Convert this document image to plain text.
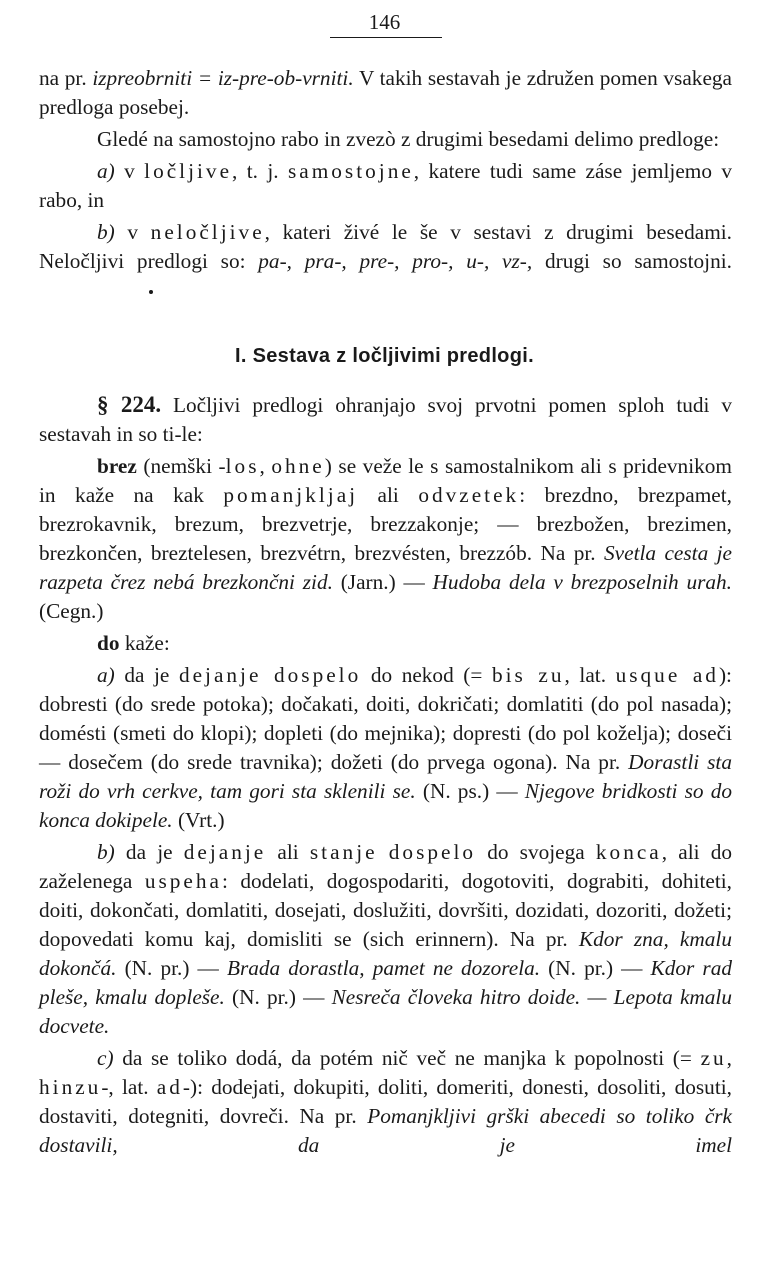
146

na pr. izpreobrniti = iz-pre-ob-vrniti. V takih sestavah je združen pomen vsakega predloga posebej.

Gledé na samostojno rabo in zvezò z drugimi besedami delimo predloge:

a) v ločljive, t. j. samostojne, katere tudi same záse jemljemo v rabo, in

b) v neločljive, kateri živé le še v sestavi z drugimi besedami. Neločljivi predlogi so: pa-, pra-, pre-, pro-, u-, vz-, drugi so samostojni.

I. Sestava z ločljivimi predlogi.

§ 224. Ločljivi predlogi ohranjajo svoj prvotni pomen sploh tudi v sestavah in so ti-le:

brez (nemški -los, ohne) se veže le s samostalnikom ali s pridevnikom in kaže na kak pomanjkljaj ali odvzetek: brezdno, brezpamet, brezrokavnik, brezum, brezvetrje, brezzakonje; — brezbožen, brezimen, brezkončen, breztelesen, brezvétrn, brezvésten, brezzób. Na pr. Svetla cesta je razpeta črez nebá brezkončni zid. (Jarn.) — Hudoba dela v brezposelnih urah. (Cegn.)

do kaže:

a) da je dejanje dospelo do nekod (= bis zu, lat. usque ad): dobresti (do srede potoka); dočakati, doiti, dokričati; domlatiti (do pol nasada); domésti (smeti do klopi); dopleti (do mejnika); dopresti (do pol koželja); doseči — dosečem (do srede travnika); dožeti (do prvega ogona). Na pr. Dorastli sta roži do vrh cerkve, tam gori sta sklenili se. (N. ps.) — Njegove bridkosti so do konca dokipele. (Vrt.)

b) da je dejanje ali stanje dospelo do svojega konca, ali do zaželenega uspeha: dodelati, dogospodariti, dogotoviti, dograbiti, dohiteti, doiti, dokončati, domlatiti, dosejati, doslužiti, dovršiti, dozidati, dozoriti, dožeti; dopovedati komu kaj, domisliti se (sich erinnern). Na pr. Kdor zna, kmalu dokončá. (N. pr.) — Brada dorastla, pamet ne dozorela. (N. pr.) — Kdor rad pleše, kmalu dopleše. (N. pr.) — Nesreča človeka hitro doide. — Lepota kmalu docvete.

c) da se toliko dodá, da potém nič več ne manjka k popolnosti (= zu, hinzu-, lat. ad-): dodejati, dokupiti, doliti, domeriti, donesti, dosoliti, dosuti, dostaviti, dotegniti, dovreči. Na pr. Pomanjkljivi grški abecedi so toliko črk dostavili, da je imel
